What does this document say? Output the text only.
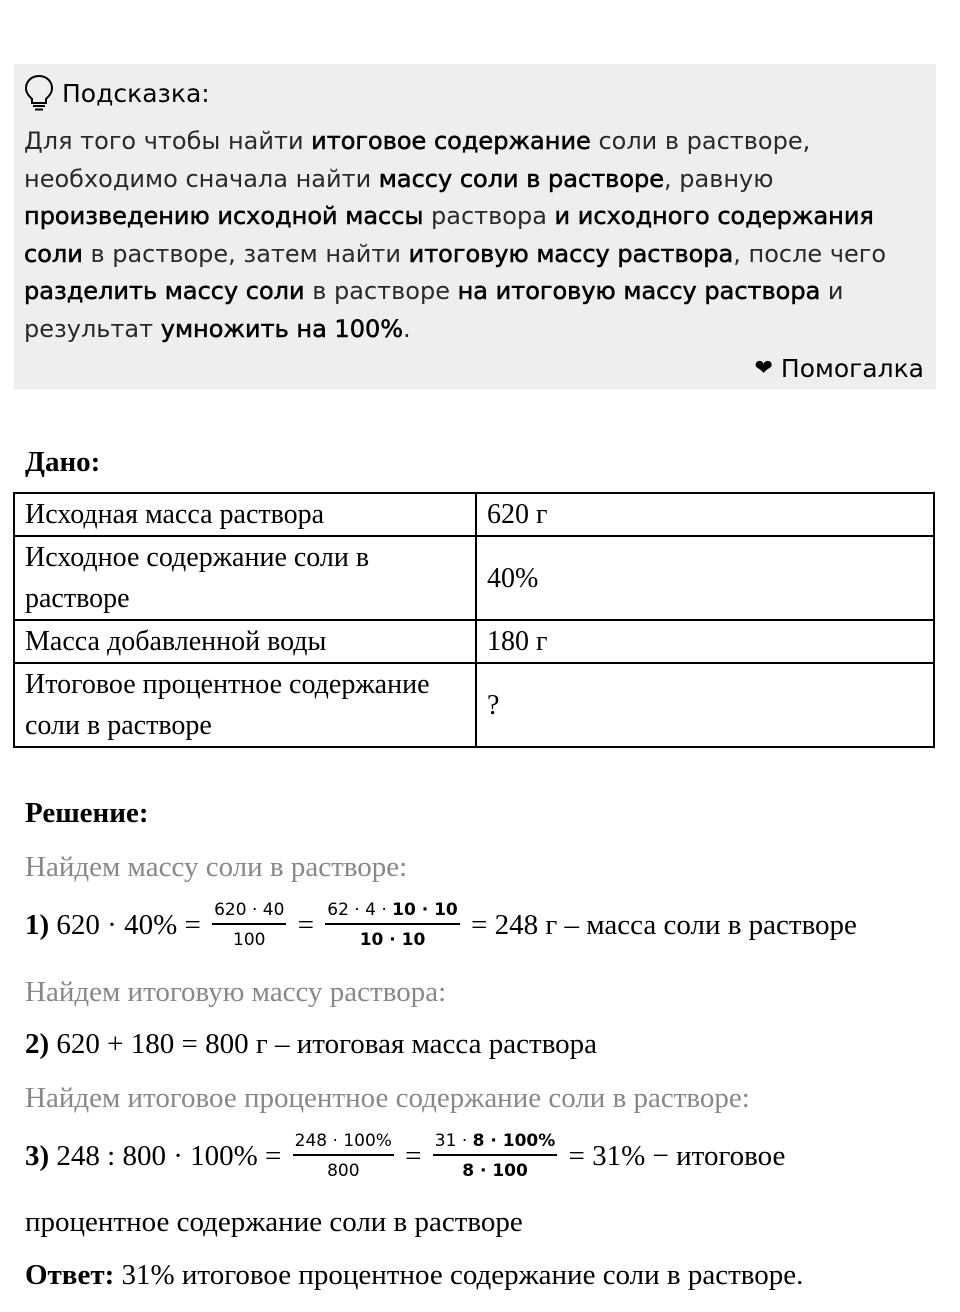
Подсказка:
Для того чтобы найти итоговое содержание соли в растворе, необходимо сначала найти массу соли в растворе, равную произведению исходной массы раствора и исходного содержания соли в растворе, затем найти итоговую массу раствора, после чего разделить массу соли в растворе на итоговую массу раствора и результат умножить на 100%.
❤ Помогалка
Дано:
Исходная масса раствора	620 г
Исходное содержание соли в растворе	40%
Масса добавленной воды	180 г
Итоговое процентное содержание соли в растворе	?
Решение:
Найдем массу соли в растворе:
1) $620 \cdot 40\% = \frac{620 \cdot 40}{100} = \frac{62 \cdot 4 \cdot 10 \cdot 10}{10 \cdot 10} = 248$ г – масса соли в растворе
Найдем итоговую массу раствора:
2) 620 + 180 = 800 г – итоговая масса раствора
Найдем итоговое процентное содержание соли в растворе:
3) 248 : $800 \cdot 100\% = \frac{248 \cdot 100\%}{800} = \frac{31 \cdot 8 \cdot 100\%}{8 \cdot 100} = 31\%$ − итоговое
процентное содержание соли в растворе
Ответ: 31% итоговое процентное содержание соли в растворе.
